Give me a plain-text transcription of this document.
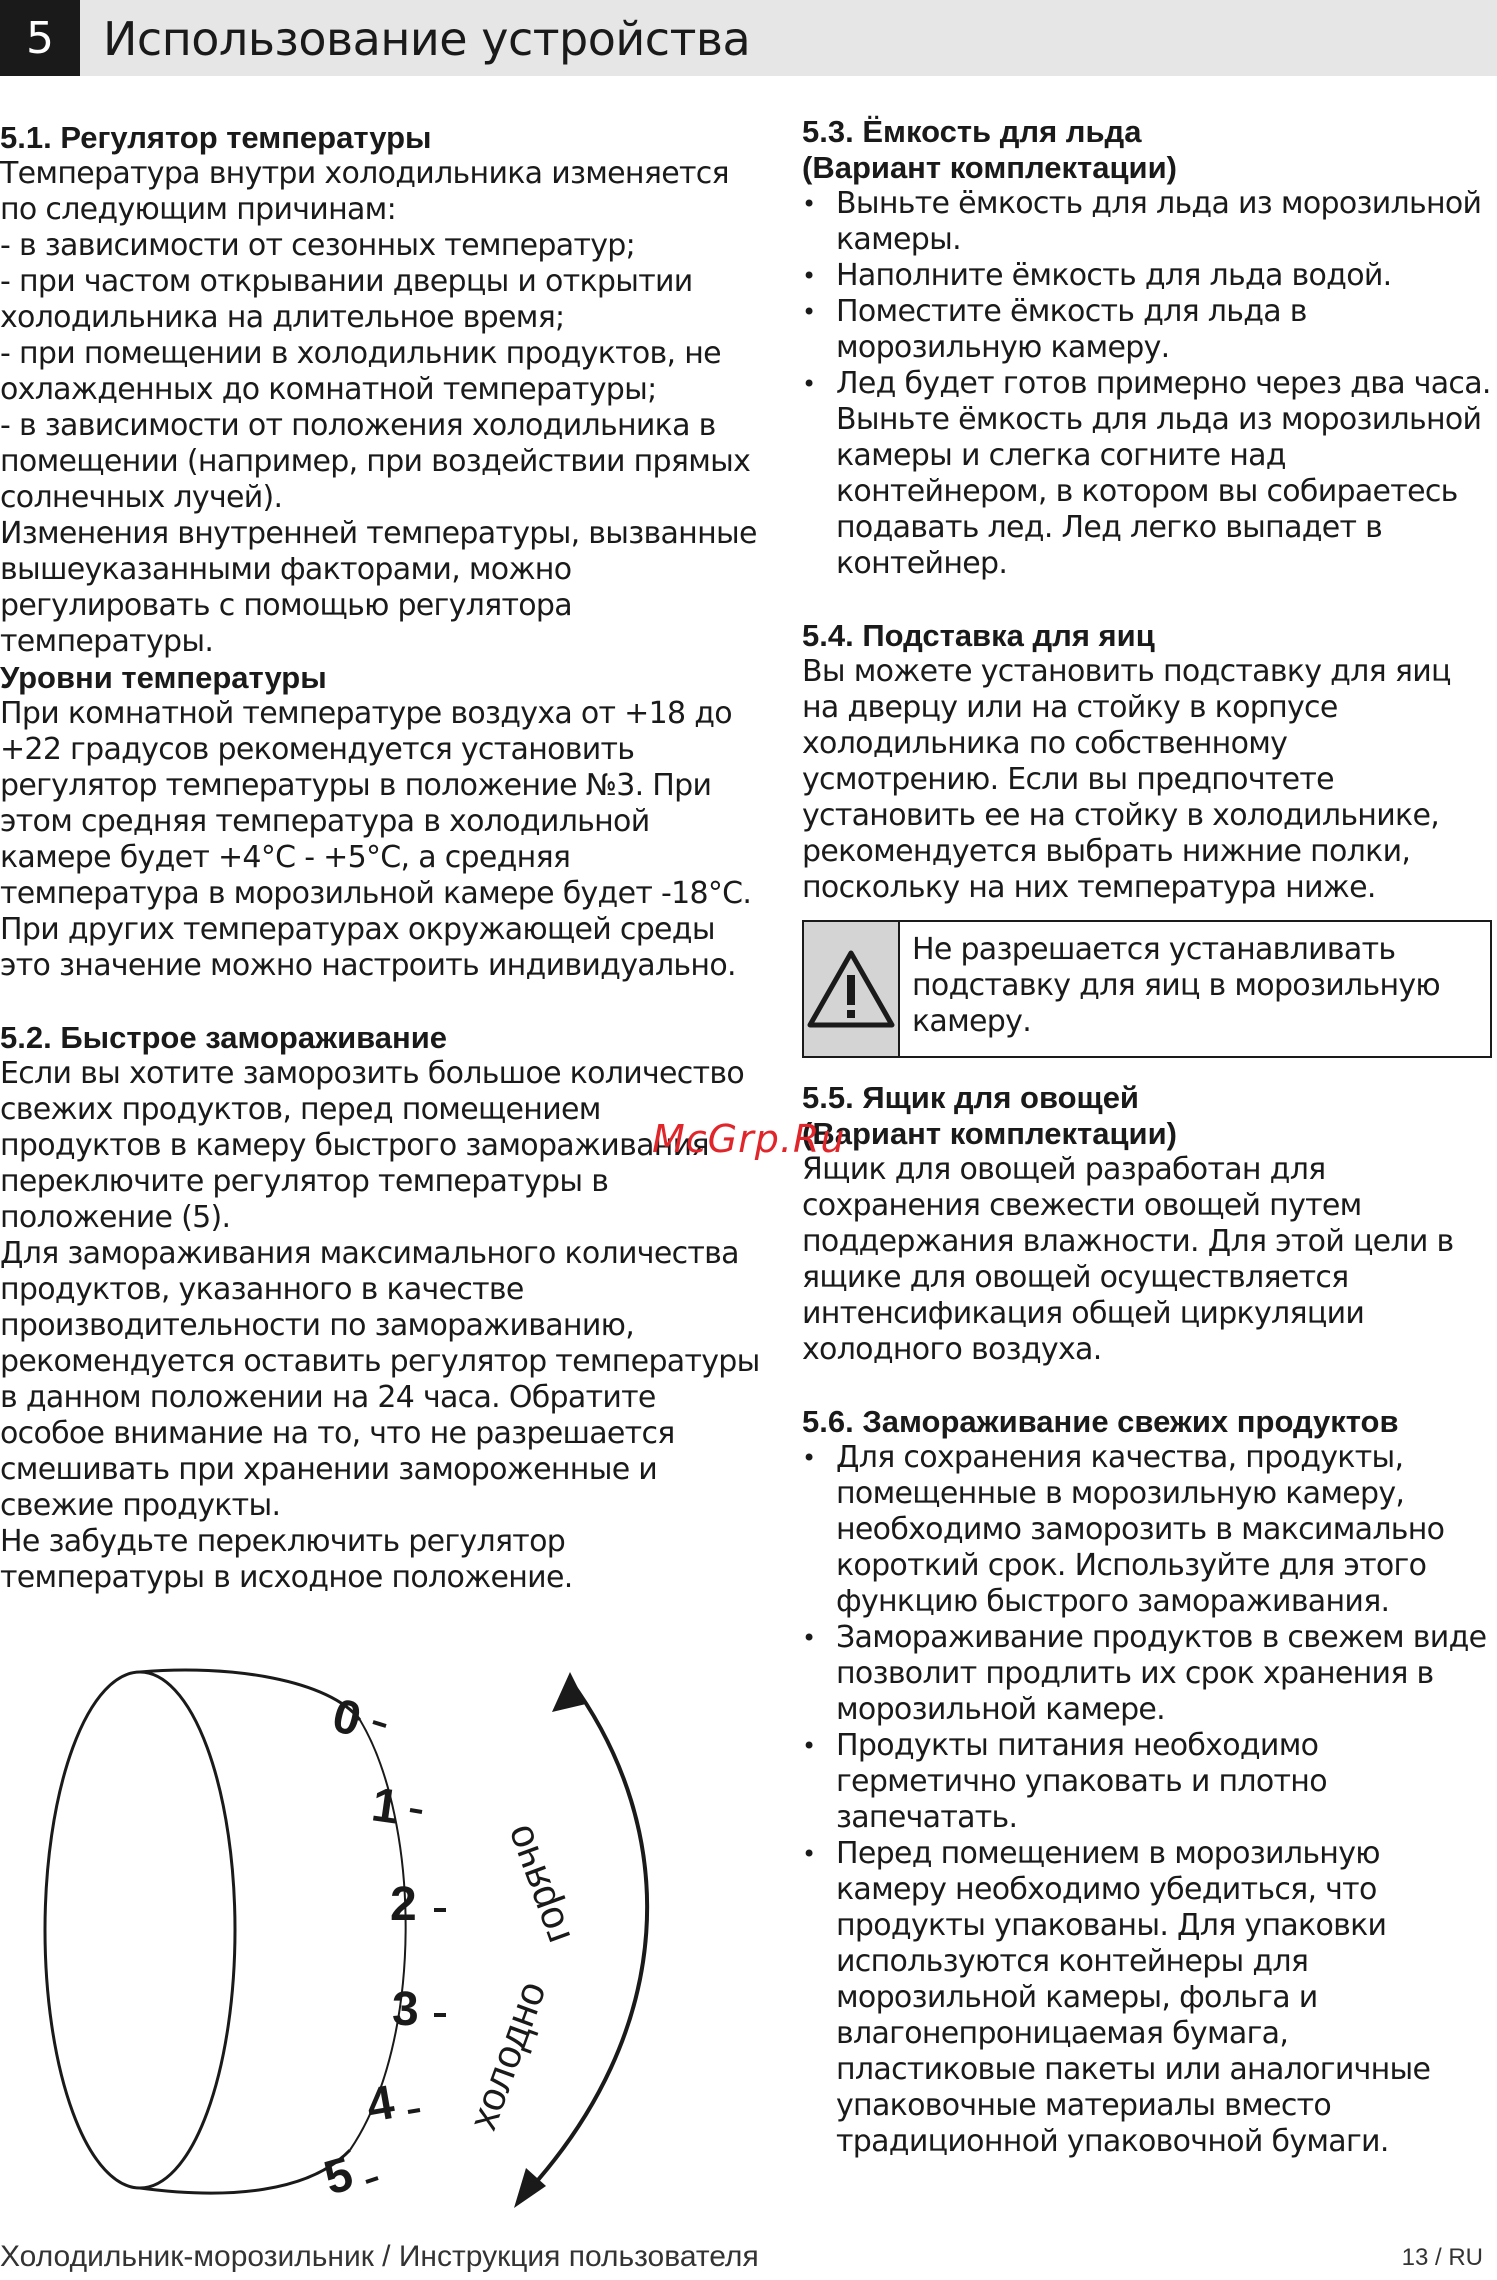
5	Использование устройства
5.1. Регулятор температуры

Температура внутри холодильника изменяется по следующим причинам:

- в зависимости от сезонных температур;

- при частом открывании дверцы и открытии холодильника на длительное время;

- при помещении в холодильник продуктов, не охлажденных до комнатной температуры;

- в зависимости от положения холодильника в помещении (например, при воздействии прямых солнечных лучей).

Изменения внутренней температуры, вызванные вышеуказанными факторами, можно регулировать с помощью регулятора температуры.

Уровни температуры

При комнатной температуре воздуха от +18 до +22 градусов рекомендуется установить регулятор температуры в положение №3. При этом средняя температура в холодильной камере будет +4°С - +5°С, а средняя температура в морозильной камере будет -18°С. При других температурах окружающей среды это значение можно настроить индивидуально.

5.2. Быстрое замораживание

Если вы хотите заморозить большое количество свежих продуктов, перед помещением продуктов в камеру быстрого замораживания переключите регулятор температуры в положение (5).

Для замораживания максимального количества продуктов, указанного в качестве производительности по замораживанию, рекомендуется оставить регулятор температуры в данном положении на 24 часа. Обратите особое внимание на то, что не разрешается смешивать при хранении замороженные и свежие продукты.

Не забудьте переключить регулятор температуры в исходное положение.

0
1
2
3
4
5
горячо
холодно
5.3. Ёмкость для льда
(Вариант комплектации)
• Выньте ёмкость для льда из морозильной камеры.
• Наполните ёмкость для льда водой.
• Поместите ёмкость для льда в морозильную камеру.
• Лед будет готов примерно через два часа. Выньте ёмкость для льда из морозильной камеры и слегка согните над контейнером, в котором вы собираетесь подавать лед. Лед легко выпадет в контейнер.
5.4. Подставка для яиц

Вы можете установить подставку для яиц на дверцу или на стойку в корпусе холодильника по собственному усмотрению. Если вы предпочтете установить ее на стойку в холодильнике, рекомендуется выбрать нижние полки, поскольку на них температура ниже.

Не разрешается устанавливать подставку для яиц в морозильную камеру.
5.5. Ящик для овощей
(Вариант комплектации)

Ящик для овощей разработан для сохранения свежести овощей путем поддержания влажности. Для этой цели в ящике для овощей осуществляется интенсификация общей циркуляции холодного воздуха.

5.6. Замораживание свежих продуктов
• Для сохранения качества, продукты, помещенные в морозильную камеру, необходимо заморозить в максимально короткий срок. Используйте для этого функцию быстрого замораживания.
• Замораживание продуктов в свежем виде позволит продлить их срок хранения в морозильной камере.
• Продукты питания необходимо герметично упаковать и плотно запечатать.
• Перед помещением в морозильную камеру необходимо убедиться, что продукты упакованы. Для упаковки используются контейнеры для морозильной камеры, фольга и влагонепроницаемая бумага, пластиковые пакеты или аналогичные упаковочные материалы вместо традиционной упаковочной бумаги.
McGrp.Ru
Холодильник-морозильник / Инструкция пользователя	13 / RU
